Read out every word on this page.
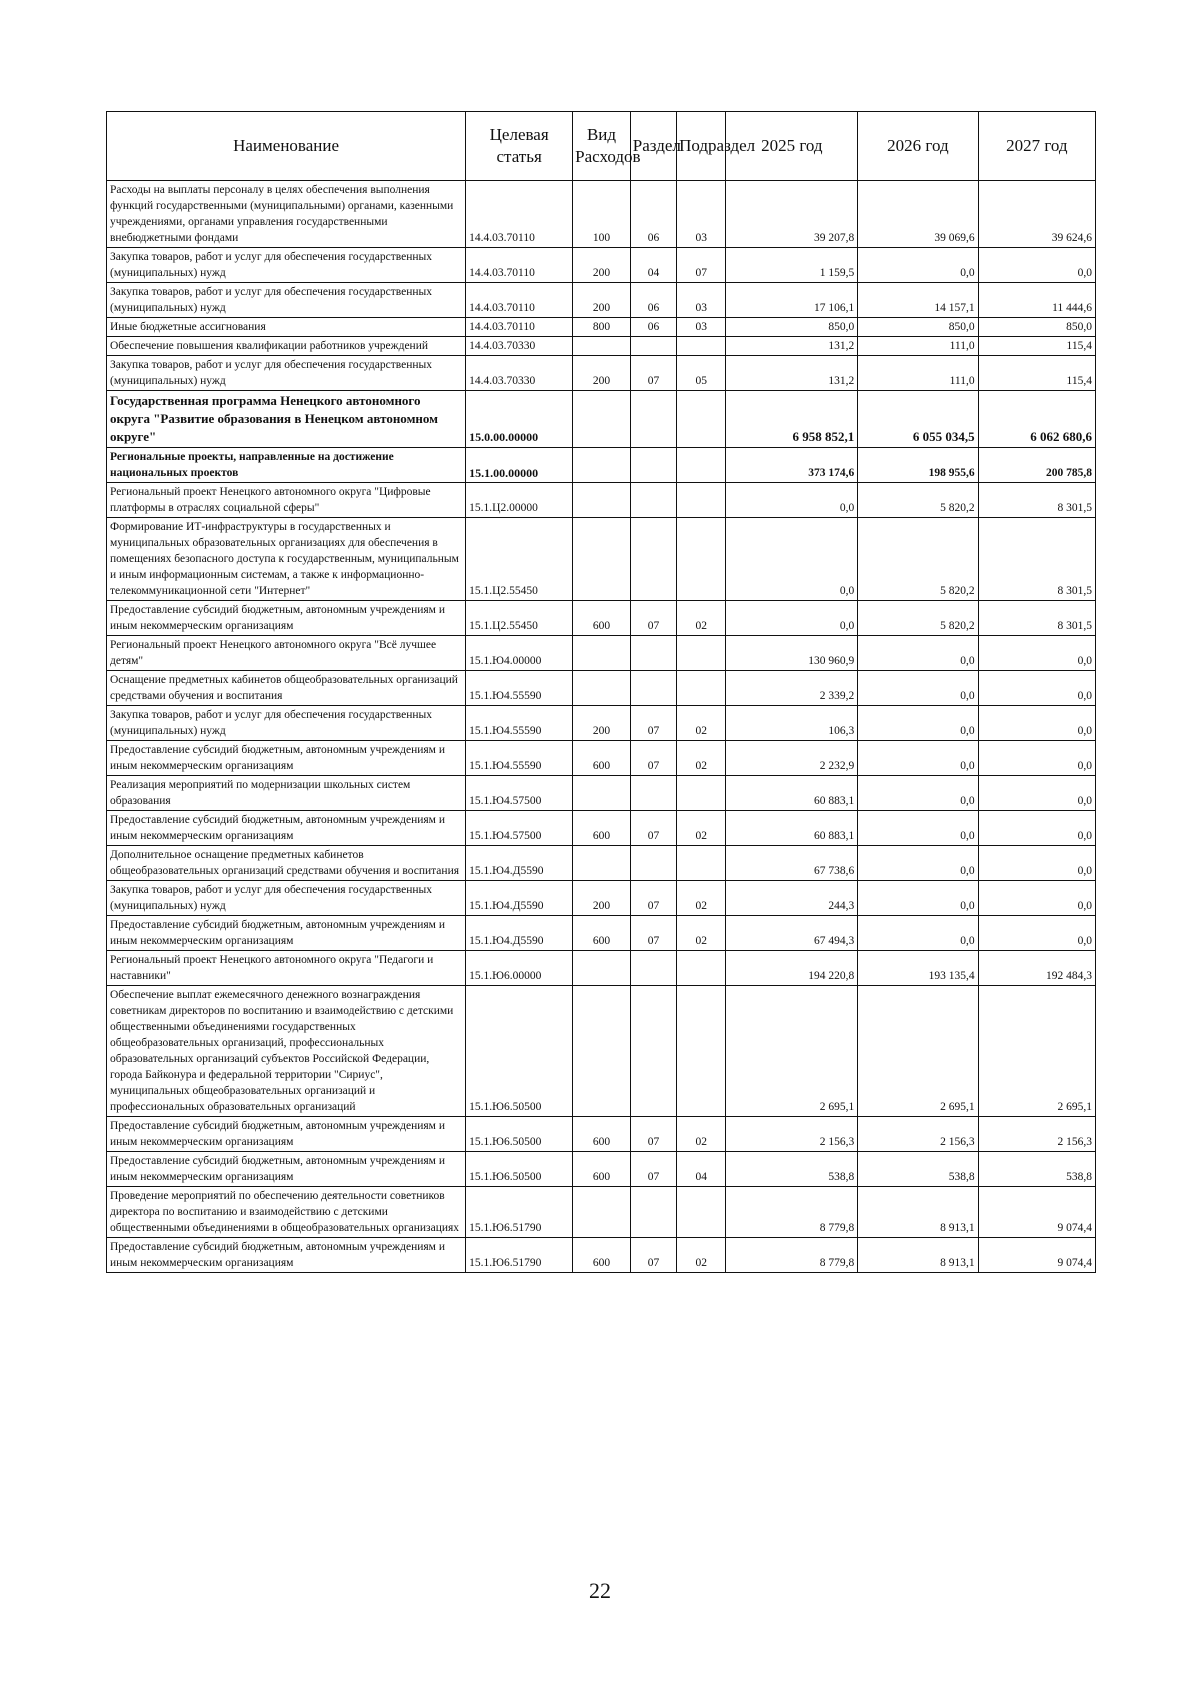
Наименование	Целевая статья	Вид Расходов	Раздел	Подраздел	2025 год	2026 год	2027 год
Расходы на выплаты персоналу в целях обеспечения выполнения функций государственными (муниципальными) органами, казенными учреждениями, органами управления государственными внебюджетными фондами	14.4.03.70110	100	06	03	39 207,8	39 069,6	39 624,6
Закупка товаров, работ и услуг для обеспечения государственных (муниципальных) нужд	14.4.03.70110	200	04	07	1 159,5	0,0	0,0
Закупка товаров, работ и услуг для обеспечения государственных (муниципальных) нужд	14.4.03.70110	200	06	03	17 106,1	14 157,1	11 444,6
Иные бюджетные ассигнования	14.4.03.70110	800	06	03	850,0	850,0	850,0
Обеспечение повышения квалификации работников учреждений	14.4.03.70330				131,2	111,0	115,4
Закупка товаров, работ и услуг для обеспечения государственных (муниципальных) нужд	14.4.03.70330	200	07	05	131,2	111,0	115,4
Государственная программа Ненецкого автономного округа "Развитие образования в Ненецком автономном округе"	15.0.00.00000				6 958 852,1	6 055 034,5	6 062 680,6
Региональные проекты, направленные на достижение национальных проектов	15.1.00.00000				373 174,6	198 955,6	200 785,8
Региональный проект Ненецкого автономного округа "Цифровые платформы в отраслях социальной сферы"	15.1.Ц2.00000				0,0	5 820,2	8 301,5
Формирование ИТ-инфраструктуры в государственных и муниципальных образовательных организациях для обеспечения в помещениях безопасного доступа к государственным, муниципальным и иным информационным системам, а также к информационно-телекоммуникационной сети "Интернет"	15.1.Ц2.55450				0,0	5 820,2	8 301,5
Предоставление субсидий бюджетным, автономным учреждениям и иным некоммерческим организациям	15.1.Ц2.55450	600	07	02	0,0	5 820,2	8 301,5
Региональный проект Ненецкого автономного округа "Всё лучшее детям"	15.1.Ю4.00000				130 960,9	0,0	0,0
Оснащение предметных кабинетов общеобразовательных организаций средствами обучения и воспитания	15.1.Ю4.55590				2 339,2	0,0	0,0
Закупка товаров, работ и услуг для обеспечения государственных (муниципальных) нужд	15.1.Ю4.55590	200	07	02	106,3	0,0	0,0
Предоставление субсидий бюджетным, автономным учреждениям и иным некоммерческим организациям	15.1.Ю4.55590	600	07	02	2 232,9	0,0	0,0
Реализация мероприятий по модернизации школьных систем образования	15.1.Ю4.57500				60 883,1	0,0	0,0
Предоставление субсидий бюджетным, автономным учреждениям и иным некоммерческим организациям	15.1.Ю4.57500	600	07	02	60 883,1	0,0	0,0
Дополнительное оснащение предметных кабинетов общеобразовательных организаций средствами обучения и воспитания	15.1.Ю4.Д5590				67 738,6	0,0	0,0
Закупка товаров, работ и услуг для обеспечения государственных (муниципальных) нужд	15.1.Ю4.Д5590	200	07	02	244,3	0,0	0,0
Предоставление субсидий бюджетным, автономным учреждениям и иным некоммерческим организациям	15.1.Ю4.Д5590	600	07	02	67 494,3	0,0	0,0
Региональный проект Ненецкого автономного округа "Педагоги и наставники"	15.1.Ю6.00000				194 220,8	193 135,4	192 484,3
Обеспечение выплат ежемесячного денежного вознаграждения советникам директоров по воспитанию и взаимодействию с детскими общественными объединениями государственных общеобразовательных организаций, профессиональных образовательных организаций субъектов Российской Федерации, города Байконура и федеральной территории "Сириус", муниципальных общеобразовательных организаций и профессиональных образовательных организаций	15.1.Ю6.50500				2 695,1	2 695,1	2 695,1
Предоставление субсидий бюджетным, автономным учреждениям и иным некоммерческим организациям	15.1.Ю6.50500	600	07	02	2 156,3	2 156,3	2 156,3
Предоставление субсидий бюджетным, автономным учреждениям и иным некоммерческим организациям	15.1.Ю6.50500	600	07	04	538,8	538,8	538,8
Проведение мероприятий по обеспечению деятельности советников директора по воспитанию и взаимодействию с детскими общественными объединениями в общеобразовательных организациях	15.1.Ю6.51790				8 779,8	8 913,1	9 074,4
Предоставление субсидий бюджетным, автономным учреждениям и иным некоммерческим организациям	15.1.Ю6.51790	600	07	02	8 779,8	8 913,1	9 074,4
22
